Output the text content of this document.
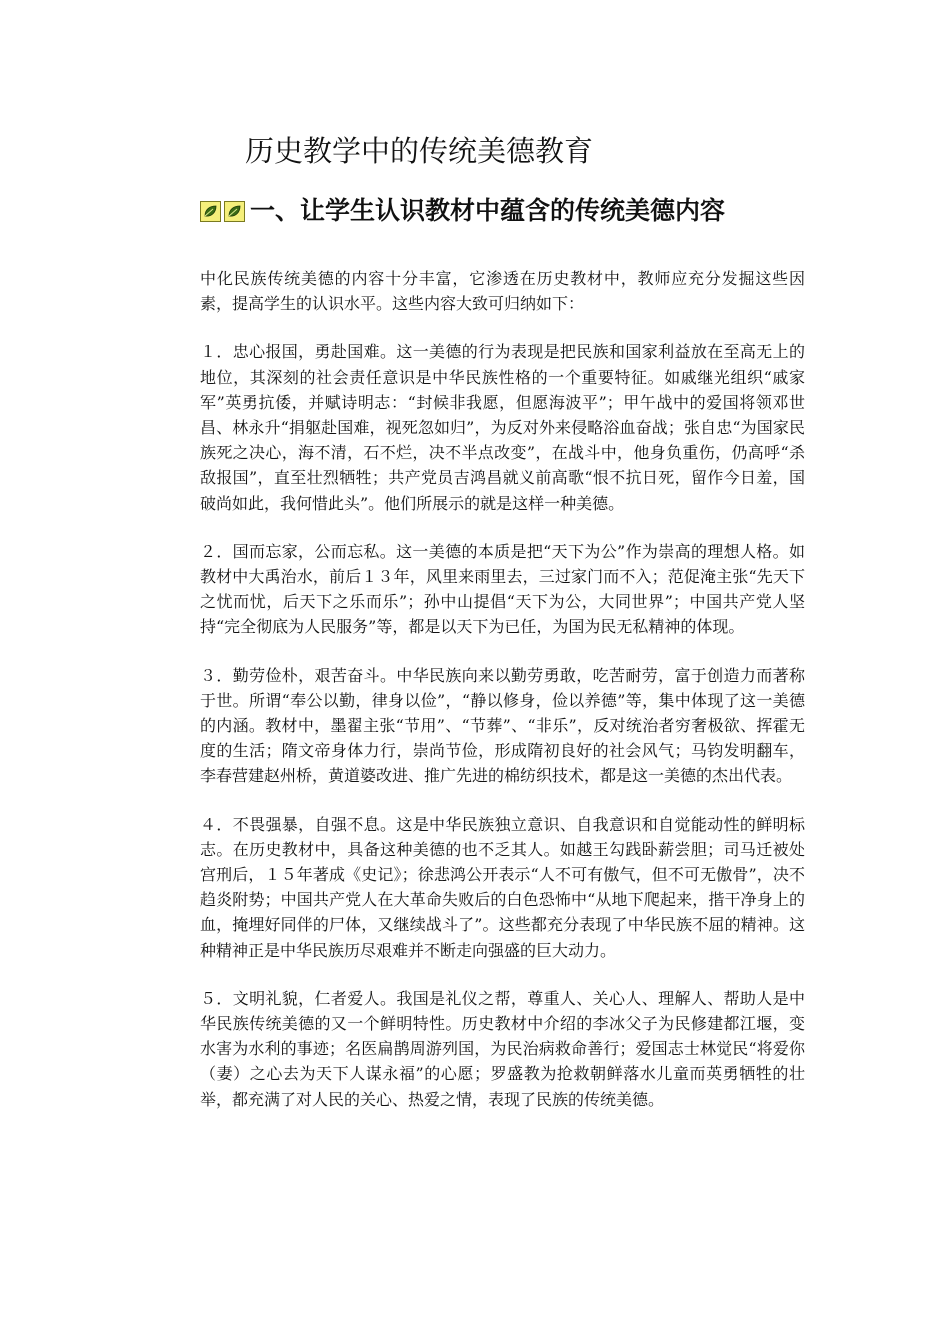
历史教学中的传统美德教育
一、让学生认识教材中蕴含的传统美德内容

中化民族传统美德的内容十分丰富，它渗透在历史教材中，教师应充分发掘这些因素，提高学生的认识水平。这些内容大致可归纳如下：

１．忠心报国，勇赴国难。这一美德的行为表现是把民族和国家利益放在至高无上的地位，其深刻的社会责任意识是中华民族性格的一个重要特征。如戚继光组织“戚家军”英勇抗倭，并赋诗明志：“封候非我愿，但愿海波平”；甲午战中的爱国将领邓世昌、林永升“捐躯赴国难，视死忽如归”，为反对外来侵略浴血奋战；张自忠“为国家民族死之决心，海不清，石不烂，决不半点改变”，在战斗中，他身负重伤，仍高呼“杀敌报国”，直至壮烈牺牲；共产党员吉鸿昌就义前高歌“恨不抗日死，留作今日羞，国破尚如此，我何惜此头”。他们所展示的就是这样一种美德。

２．国而忘家，公而忘私。这一美德的本质是把“天下为公”作为崇高的理想人格。如教材中大禹治水，前后１３年，风里来雨里去，三过家门而不入；范促淹主张“先天下之忧而忧，后天下之乐而乐”；孙中山提倡“天下为公，大同世界”；中国共产党人坚持“完全彻底为人民服务”等，都是以天下为已任，为国为民无私精神的体现。

３．勤劳俭朴，艰苦奋斗。中华民族向来以勤劳勇敢，吃苦耐劳，富于创造力而著称于世。所谓“奉公以勤，律身以俭”，“静以修身，俭以养德”等，集中体现了这一美德的内涵。教材中，墨翟主张“节用”、“节葬”、“非乐”，反对统治者穷奢极欲、挥霍无度的生活；隋文帝身体力行，崇尚节俭，形成隋初良好的社会风气；马钧发明翻车，李春营建赵州桥，黄道婆改进、推广先进的棉纺织技术，都是这一美德的杰出代表。

４．不畏强暴，自强不息。这是中华民族独立意识、自我意识和自觉能动性的鲜明标志。在历史教材中，具备这种美德的也不乏其人。如越王勾践卧薪尝胆；司马迁被处宫刑后，１５年著成《史记》；徐悲鸿公开表示“人不可有傲气，但不可无傲骨”，决不趋炎附势；中国共产党人在大革命失败后的白色恐怖中“从地下爬起来，揩干净身上的血，掩埋好同伴的尸体，又继续战斗了”。这些都充分表现了中华民族不屈的精神。这种精神正是中华民族历尽艰难并不断走向强盛的巨大动力。

５．文明礼貌，仁者爱人。我国是礼仪之帮，尊重人、关心人、理解人、帮助人是中华民族传统美德的又一个鲜明特性。历史教材中介绍的李冰父子为民修建都江堰，变水害为水利的事迹；名医扁鹊周游列国，为民治病救命善行；爱国志士林觉民“将爱你（妻）之心去为天下人谋永福”的心愿；罗盛教为抢救朝鲜落水儿童而英勇牺牲的壮举，都充满了对人民的关心、热爱之情，表现了民族的传统美德。
